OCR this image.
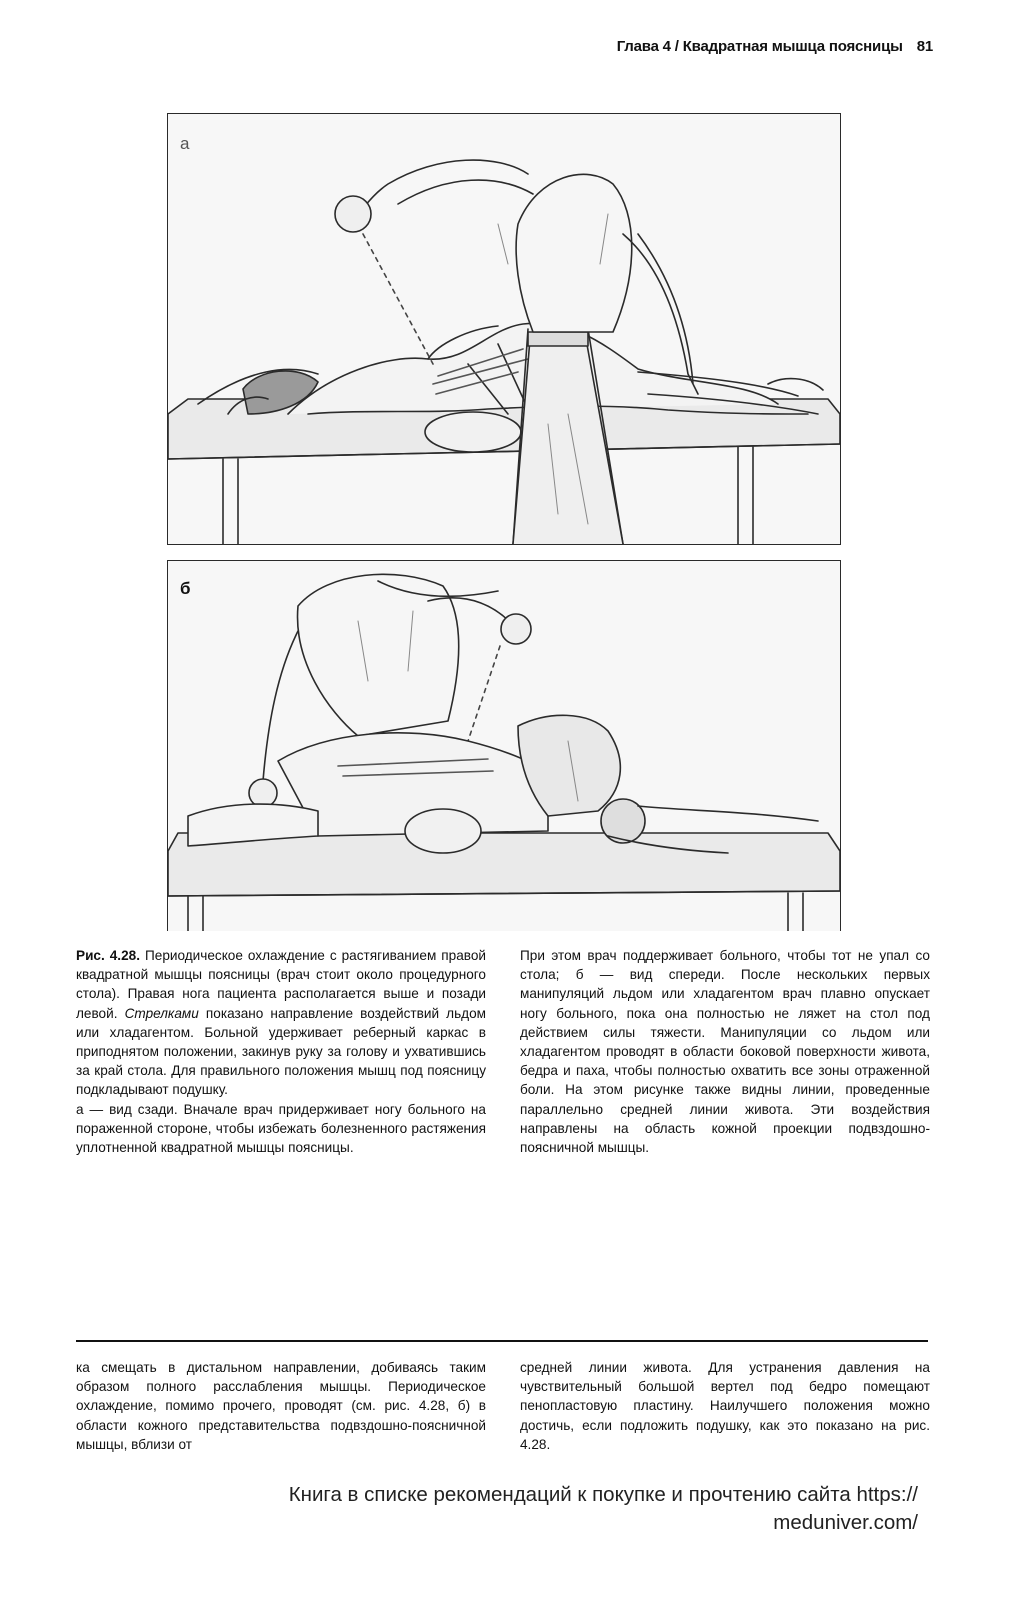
Глава 4 / Квадратная мышца поясницы 81
а
б

Рис. 4.28. Периодическое охлаждение с растягиванием правой квадратной мышцы поясницы (врач стоит около процедурного стола). Правая нога пациента располагается выше и позади левой. Стрелками показано направление воздействий льдом или хладагентом. Больной удерживает реберный каркас в приподнятом положении, закинув руку за голову и ухватившись за край стола. Для правильного положения мышц под поясницу подкладывают подушку.

а — вид сзади. Вначале врач придерживает ногу больного на пораженной стороне, чтобы избежать болезненного растяжения уплотненной квадратной мышцы поясницы.

При этом врач поддерживает больного, чтобы тот не упал со стола; б — вид спереди. После нескольких первых манипуляций льдом или хладагентом врач плавно опускает ногу больного, пока она полностью не ляжет на стол под действием силы тяжести. Манипуляции со льдом или хладагентом проводят в области боковой поверхности живота, бедра и паха, чтобы полностью охватить все зоны отраженной боли. На этом рисунке также видны линии, проведенные параллельно средней линии живота. Эти воздействия направлены на область кожной проекции подвздошно-поясничной мышцы.

ка смещать в дистальном направлении, добиваясь таким образом полного расслабления мышцы. Периодическое охлаждение, помимо прочего, проводят (см. рис. 4.28, б) в области кожного представительства подвздошно-поясничной мышцы, вблизи от

средней линии живота. Для устранения давления на чувствительный большой вертел под бедро помещают пенопластовую пластину. Наилучшего положения можно достичь, если подложить подушку, как это показано на рис. 4.28.

Книга в списке рекомендаций к покупке и прочтению сайта https:// meduniver.com/
